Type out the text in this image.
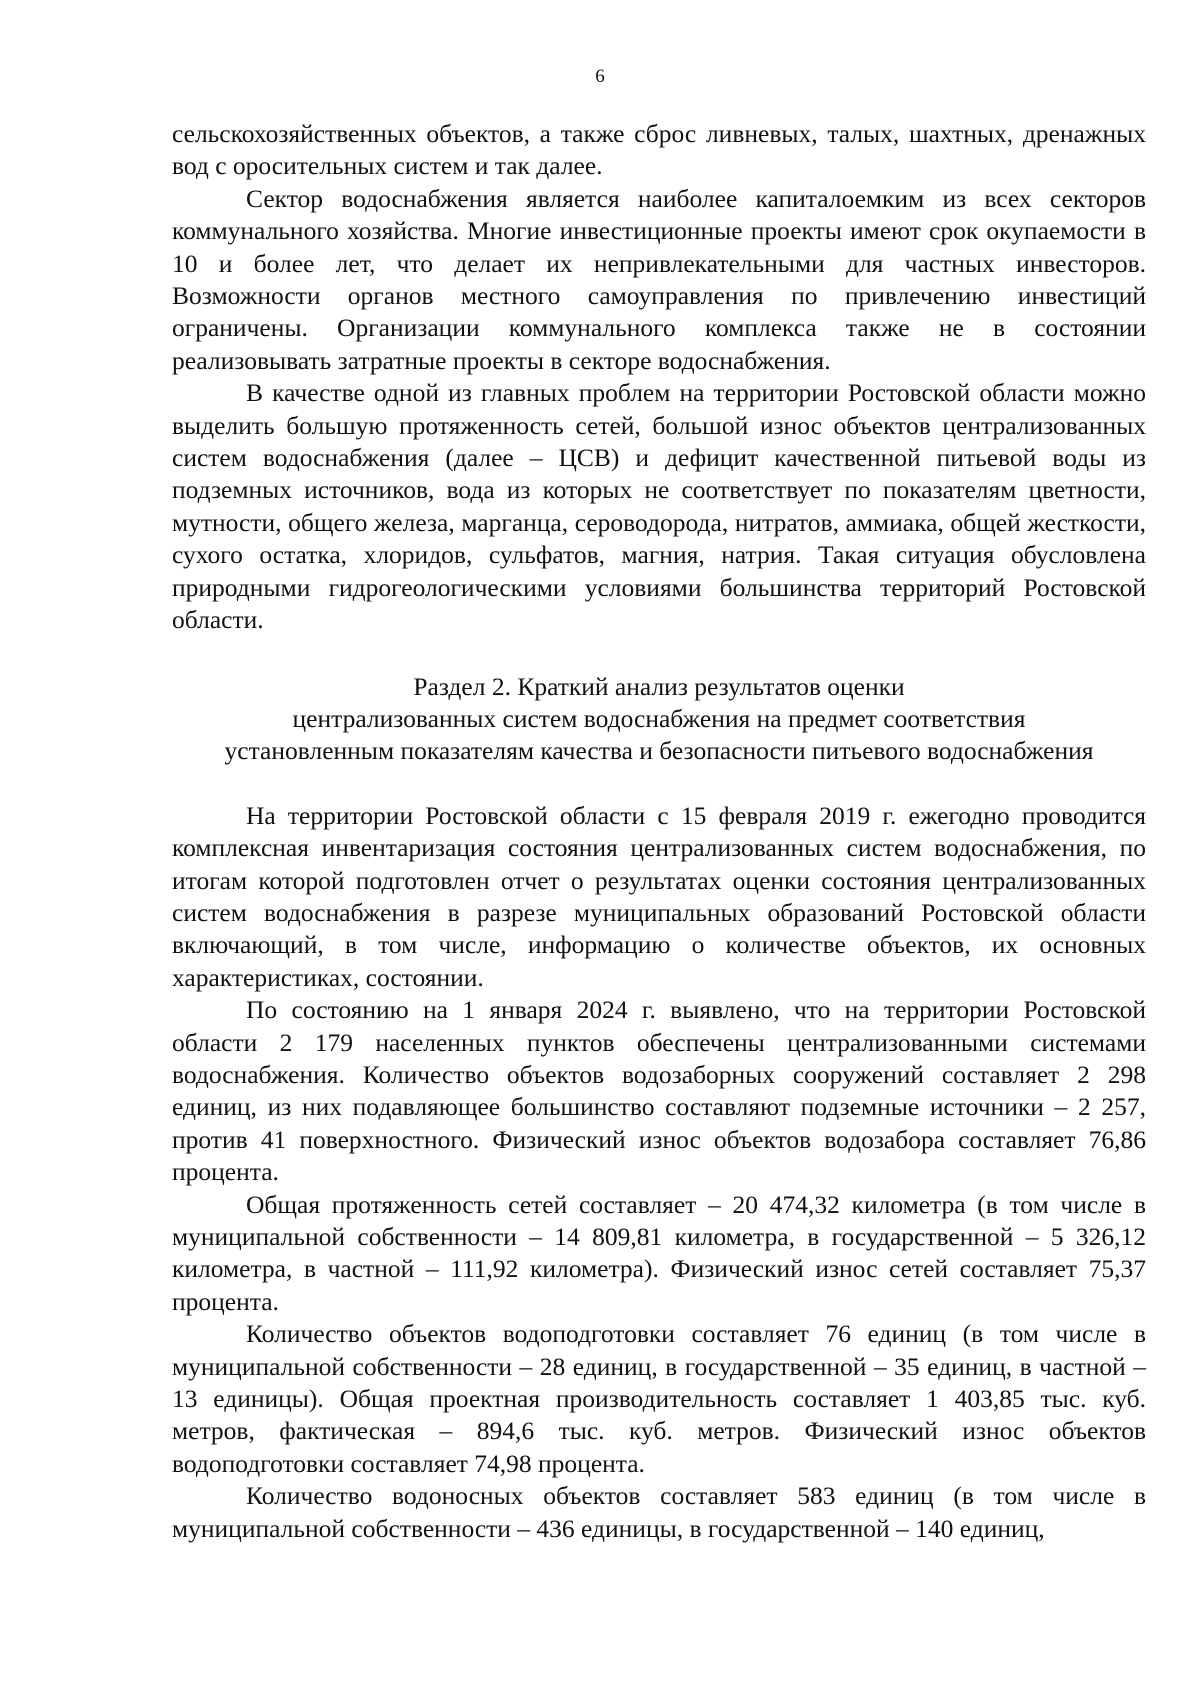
6

сельскохозяйственных объектов, а также сброс ливневых, талых, шахтных, дренажных вод с оросительных систем и так далее.

Сектор водоснабжения является наиболее капиталоемким из всех секторов коммунального хозяйства. Многие инвестиционные проекты имеют срок окупаемости в 10 и более лет, что делает их непривлекательными для частных инвесторов. Возможности органов местного самоуправления по привлечению инвестиций ограничены. Организации коммунального комплекса также не в состоянии реализовывать затратные проекты в секторе водоснабжения.

В качестве одной из главных проблем на территории Ростовской области можно выделить большую протяженность сетей, большой износ объектов централизованных систем водоснабжения (далее – ЦСВ) и дефицит качественной питьевой воды из подземных источников, вода из которых не соответствует по показателям цветности, мутности, общего железа, марганца, сероводорода, нитратов, аммиака, общей жесткости, сухого остатка, хлоридов, сульфатов, магния, натрия. Такая ситуация обусловлена природными гидрогеологическими условиями большинства территорий Ростовской области.

Раздел 2. Краткий анализ результатов оценки
централизованных систем водоснабжения на предмет соответствия
установленным показателям качества и безопасности питьевого водоснабжения

На территории Ростовской области с 15 февраля 2019 г. ежегодно проводится комплексная инвентаризация состояния централизованных систем водоснабжения, по итогам которой подготовлен отчет о результатах оценки состояния централизованных систем водоснабжения в разрезе муниципальных образований Ростовской области включающий, в том числе, информацию о количестве объектов, их основных характеристиках, состоянии.

По состоянию на 1 января 2024 г. выявлено, что на территории Ростовской области 2 179 населенных пунктов обеспечены централизованными системами водоснабжения. Количество объектов водозаборных сооружений составляет 2 298 единиц, из них подавляющее большинство составляют подземные источники – 2 257, против 41 поверхностного. Физический износ объектов водозабора составляет 76,86 процента.

Общая протяженность сетей составляет – 20 474,32 километра (в том числе в муниципальной собственности – 14 809,81 километра, в государственной – 5 326,12 километра, в частной – 111,92 километра). Физический износ сетей составляет 75,37 процента.

Количество объектов водоподготовки составляет 76 единиц (в том числе в муниципальной собственности – 28 единиц, в государственной – 35 единиц, в частной – 13 единицы). Общая проектная производительность составляет 1 403,85 тыс. куб. метров, фактическая – 894,6 тыс. куб. метров. Физический износ объектов водоподготовки составляет 74,98 процента.

Количество водоносных объектов составляет 583 единиц (в том числе в муниципальной собственности – 436 единицы, в государственной – 140 единиц,
